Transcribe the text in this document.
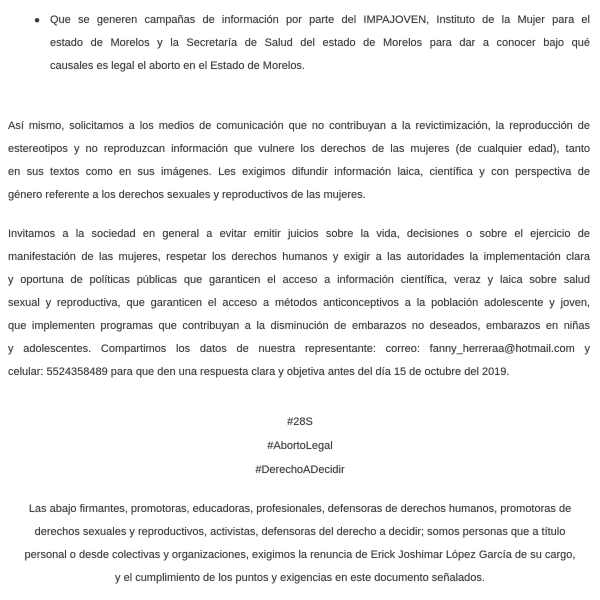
● Que se generen campañas de información por parte del IMPAJOVEN, Instituto de la Mujer para el
estado de Morelos y la Secretaría de Salud del estado de Morelos para dar a conocer bajo qué
causales es legal el aborto en el Estado de Morelos.
Así mismo, solicitamos a los medios de comunicación que no contribuyan a la revictimización, la reproducción de
estereotipos y no reproduzcan información que vulnere los derechos de las mujeres (de cualquier edad), tanto
en sus textos como en sus imágenes. Les exigimos difundir información laica, científica y con perspectiva de
género referente a los derechos sexuales y reproductivos de las mujeres.
Invitamos a la sociedad en general a evitar emitir juicios sobre la vida, decisiones o sobre el ejercicio de
manifestación de las mujeres, respetar los derechos humanos y exigir a las autoridades la implementación clara
y oportuna de políticas públicas que garanticen el acceso a información científica, veraz y laica sobre salud
sexual y reproductiva, que garanticen el acceso a métodos anticonceptivos a la población adolescente y joven,
que implementen programas que contribuyan a la disminución de embarazos no deseados, embarazos en niñas
y adolescentes. Compartimos los datos de nuestra representante: correo: fanny_herreraa@hotmail.com y
celular: 5524358489 para que den una respuesta clara y objetiva antes del día 15 de octubre del 2019.
#28S
#AbortoLegal
#DerechoADecidir
Las abajo firmantes, promotoras, educadoras, profesionales, defensoras de derechos humanos, promotoras de
derechos sexuales y reproductivos, activistas, defensoras del derecho a decidir; somos personas que a título
personal o desde colectivas y organizaciones, exigimos la renuncia de Erick Joshimar López García de su cargo,
y el cumplimiento de los puntos y exigencias en este documento señalados.
